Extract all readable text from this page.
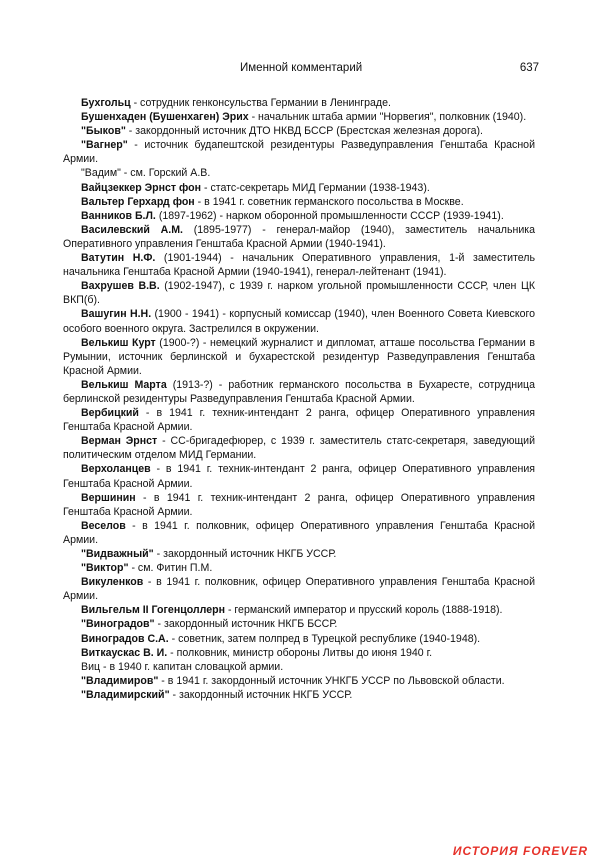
Именной комментарий	637

Бухгольц - сотрудник генконсульства Германии в Ленинграде.

Бушенхаден (Бушенхаген) Эрих - начальник штаба армии "Норвегия", полковник (1940).

"Быков" - закордонный источник ДТО НКВД БССР (Брестская железная дорога).

"Вагнер" - источник будапештской резидентуры Разведуправления Генштаба Красной Армии.

"Вадим" - см. Горский А.В.

Вайцзеккер Эрнст фон - статс-секретарь МИД Германии (1938-1943).

Вальтер Герхард фон - в 1941 г. советник германского посольства в Москве.

Ванников Б.Л. (1897-1962) - нарком оборонной промышленности СССР (1939-1941).

Василевский А.М. (1895-1977) - генерал-майор (1940), заместитель начальника Оперативного управления Генштаба Красной Армии (1940-1941).

Ватутин Н.Ф. (1901-1944) - начальник Оперативного управления, 1-й заместитель начальника Генштаба Красной Армии (1940-1941), генерал-лейтенант (1941).

Вахрушев В.В. (1902-1947), с 1939 г. нарком угольной промышленности СССР, член ЦК ВКП(б).

Вашугин Н.Н. (1900 - 1941) - корпусный комиссар (1940), член Военного Совета Киевского особого военного округа. Застрелился в окружении.

Велькиш Курт (1900-?) - немецкий журналист и дипломат, атташе посольства Германии в Румынии, источник берлинской и бухарестской резидентур Разведуправления Генштаба Красной Армии.

Велькиш Марта (1913-?) - работник германского посольства в Бухаресте, сотрудница берлинской резидентуры Разведуправления Генштаба Красной Армии.

Вербицкий - в 1941 г. техник-интендант 2 ранга, офицер Оперативного управления Генштаба Красной Армии.

Верман Эрнст - СС-бригадефюрер, с 1939 г. заместитель статс-секретаря, заведующий политическим отделом МИД Германии.

Верхоланцев - в 1941 г. техник-интендант 2 ранга, офицер Оперативного управления Генштаба Красной Армии.

Вершинин - в 1941 г. техник-интендант 2 ранга, офицер Оперативного управления Генштаба Красной Армии.

Веселов - в 1941 г. полковник, офицер Оперативного управления Генштаба Красной Армии.

"Видважный" - закордонный источник НКГБ УССР.

"Виктор" - см. Фитин П.М.

Викуленков - в 1941 г. полковник, офицер Оперативного управления Генштаба Красной Армии.

Вильгельм II Гогенцоллерн - германский император и прусский король (1888-1918).

"Виноградов" - закордонный источник НКГБ БССР.

Виноградов С.А. - советник, затем полпред в Турецкой республике (1940-1948).

Виткаускас В. И. - полковник, министр обороны Литвы до июня 1940 г.

Виц - в 1940 г. капитан словацкой армии.

"Владимиров" - в 1941 г. закордонный источник УНКГБ УССР по Львовской области.

"Владимирский" - закордонный источник НКГБ УССР.

ИСТОРИЯ FOREVER
